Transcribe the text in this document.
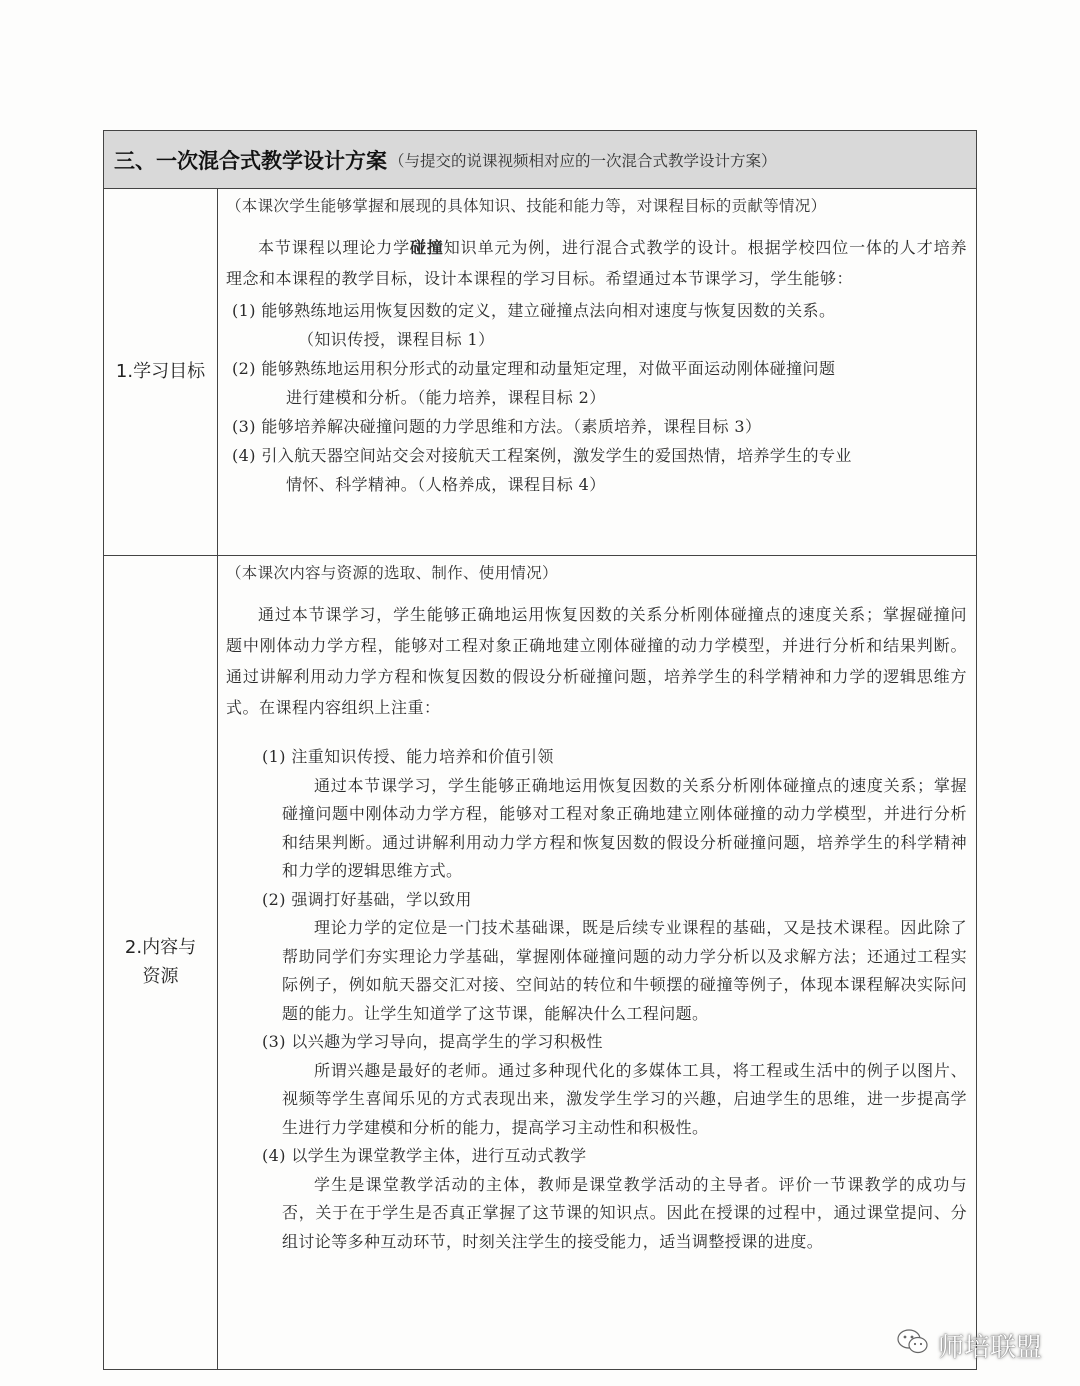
三、一次混合式教学设计方案 （与提交的说课视频相对应的一次混合式教学设计方案）
1.学习目标

（本课次学生能够掌握和展现的具体知识、技能和能力等，对课程目标的贡献等情况）

本节课程以理论力学碰撞知识单元为例，进行混合式教学的设计。根据学校四位一体的人才培养理念和本课程的教学目标，设计本课程的学习目标。希望通过本节课学习，学生能够：

(1) 能够熟练地运用恢复因数的定义，建立碰撞点法向相对速度与恢复因数的关系。
（知识传授，课程目标 1）

(2) 能够熟练地运用积分形式的动量定理和动量矩定理，对做平面运动刚体碰撞问题
进行建模和分析。（能力培养，课程目标 2）

(3) 能够培养解决碰撞问题的力学思维和方法。（素质培养，课程目标 3）

(4) 引入航天器空间站交会对接航天工程案例，激发学生的爱国热情，培养学生的专业
情怀、科学精神。（人格养成，课程目标 4）

2.内容与
资源

（本课次内容与资源的选取、制作、使用情况）

通过本节课学习，学生能够正确地运用恢复因数的关系分析刚体碰撞点的速度关系；掌握碰撞问题中刚体动力学方程，能够对工程对象正确地建立刚体碰撞的动力学模型，并进行分析和结果判断。通过讲解利用动力学方程和恢复因数的假设分析碰撞问题，培养学生的科学精神和力学的逻辑思维方式。在课程内容组织上注重：

(1) 注重知识传授、能力培养和价值引领

通过本节课学习，学生能够正确地运用恢复因数的关系分析刚体碰撞点的速度关系；掌握碰撞问题中刚体动力学方程，能够对工程对象正确地建立刚体碰撞的动力学模型，并进行分析和结果判断。通过讲解利用动力学方程和恢复因数的假设分析碰撞问题，培养学生的科学精神和力学的逻辑思维方式。

(2) 强调打好基础，学以致用

理论力学的定位是一门技术基础课，既是后续专业课程的基础，又是技术课程。因此除了帮助同学们夯实理论力学基础，掌握刚体碰撞问题的动力学分析以及求解方法；还通过工程实际例子，例如航天器交汇对接、空间站的转位和牛顿摆的碰撞等例子，体现本课程解决实际问题的能力。让学生知道学了这节课，能解决什么工程问题。

(3) 以兴趣为学习导向，提高学生的学习积极性

所谓兴趣是最好的老师。通过多种现代化的多媒体工具，将工程或生活中的例子以图片、视频等学生喜闻乐见的方式表现出来，激发学生学习的兴趣，启迪学生的思维，进一步提高学生进行力学建模和分析的能力，提高学习主动性和积极性。

(4) 以学生为课堂教学主体，进行互动式教学

学生是课堂教学活动的主体，教师是课堂教学活动的主导者。评价一节课教学的成功与否，关于在于学生是否真正掌握了这节课的知识点。因此在授课的过程中，通过课堂提问、分组讨论等多种互动环节，时刻关注学生的接受能力，适当调整授课的进度。

师培联盟
